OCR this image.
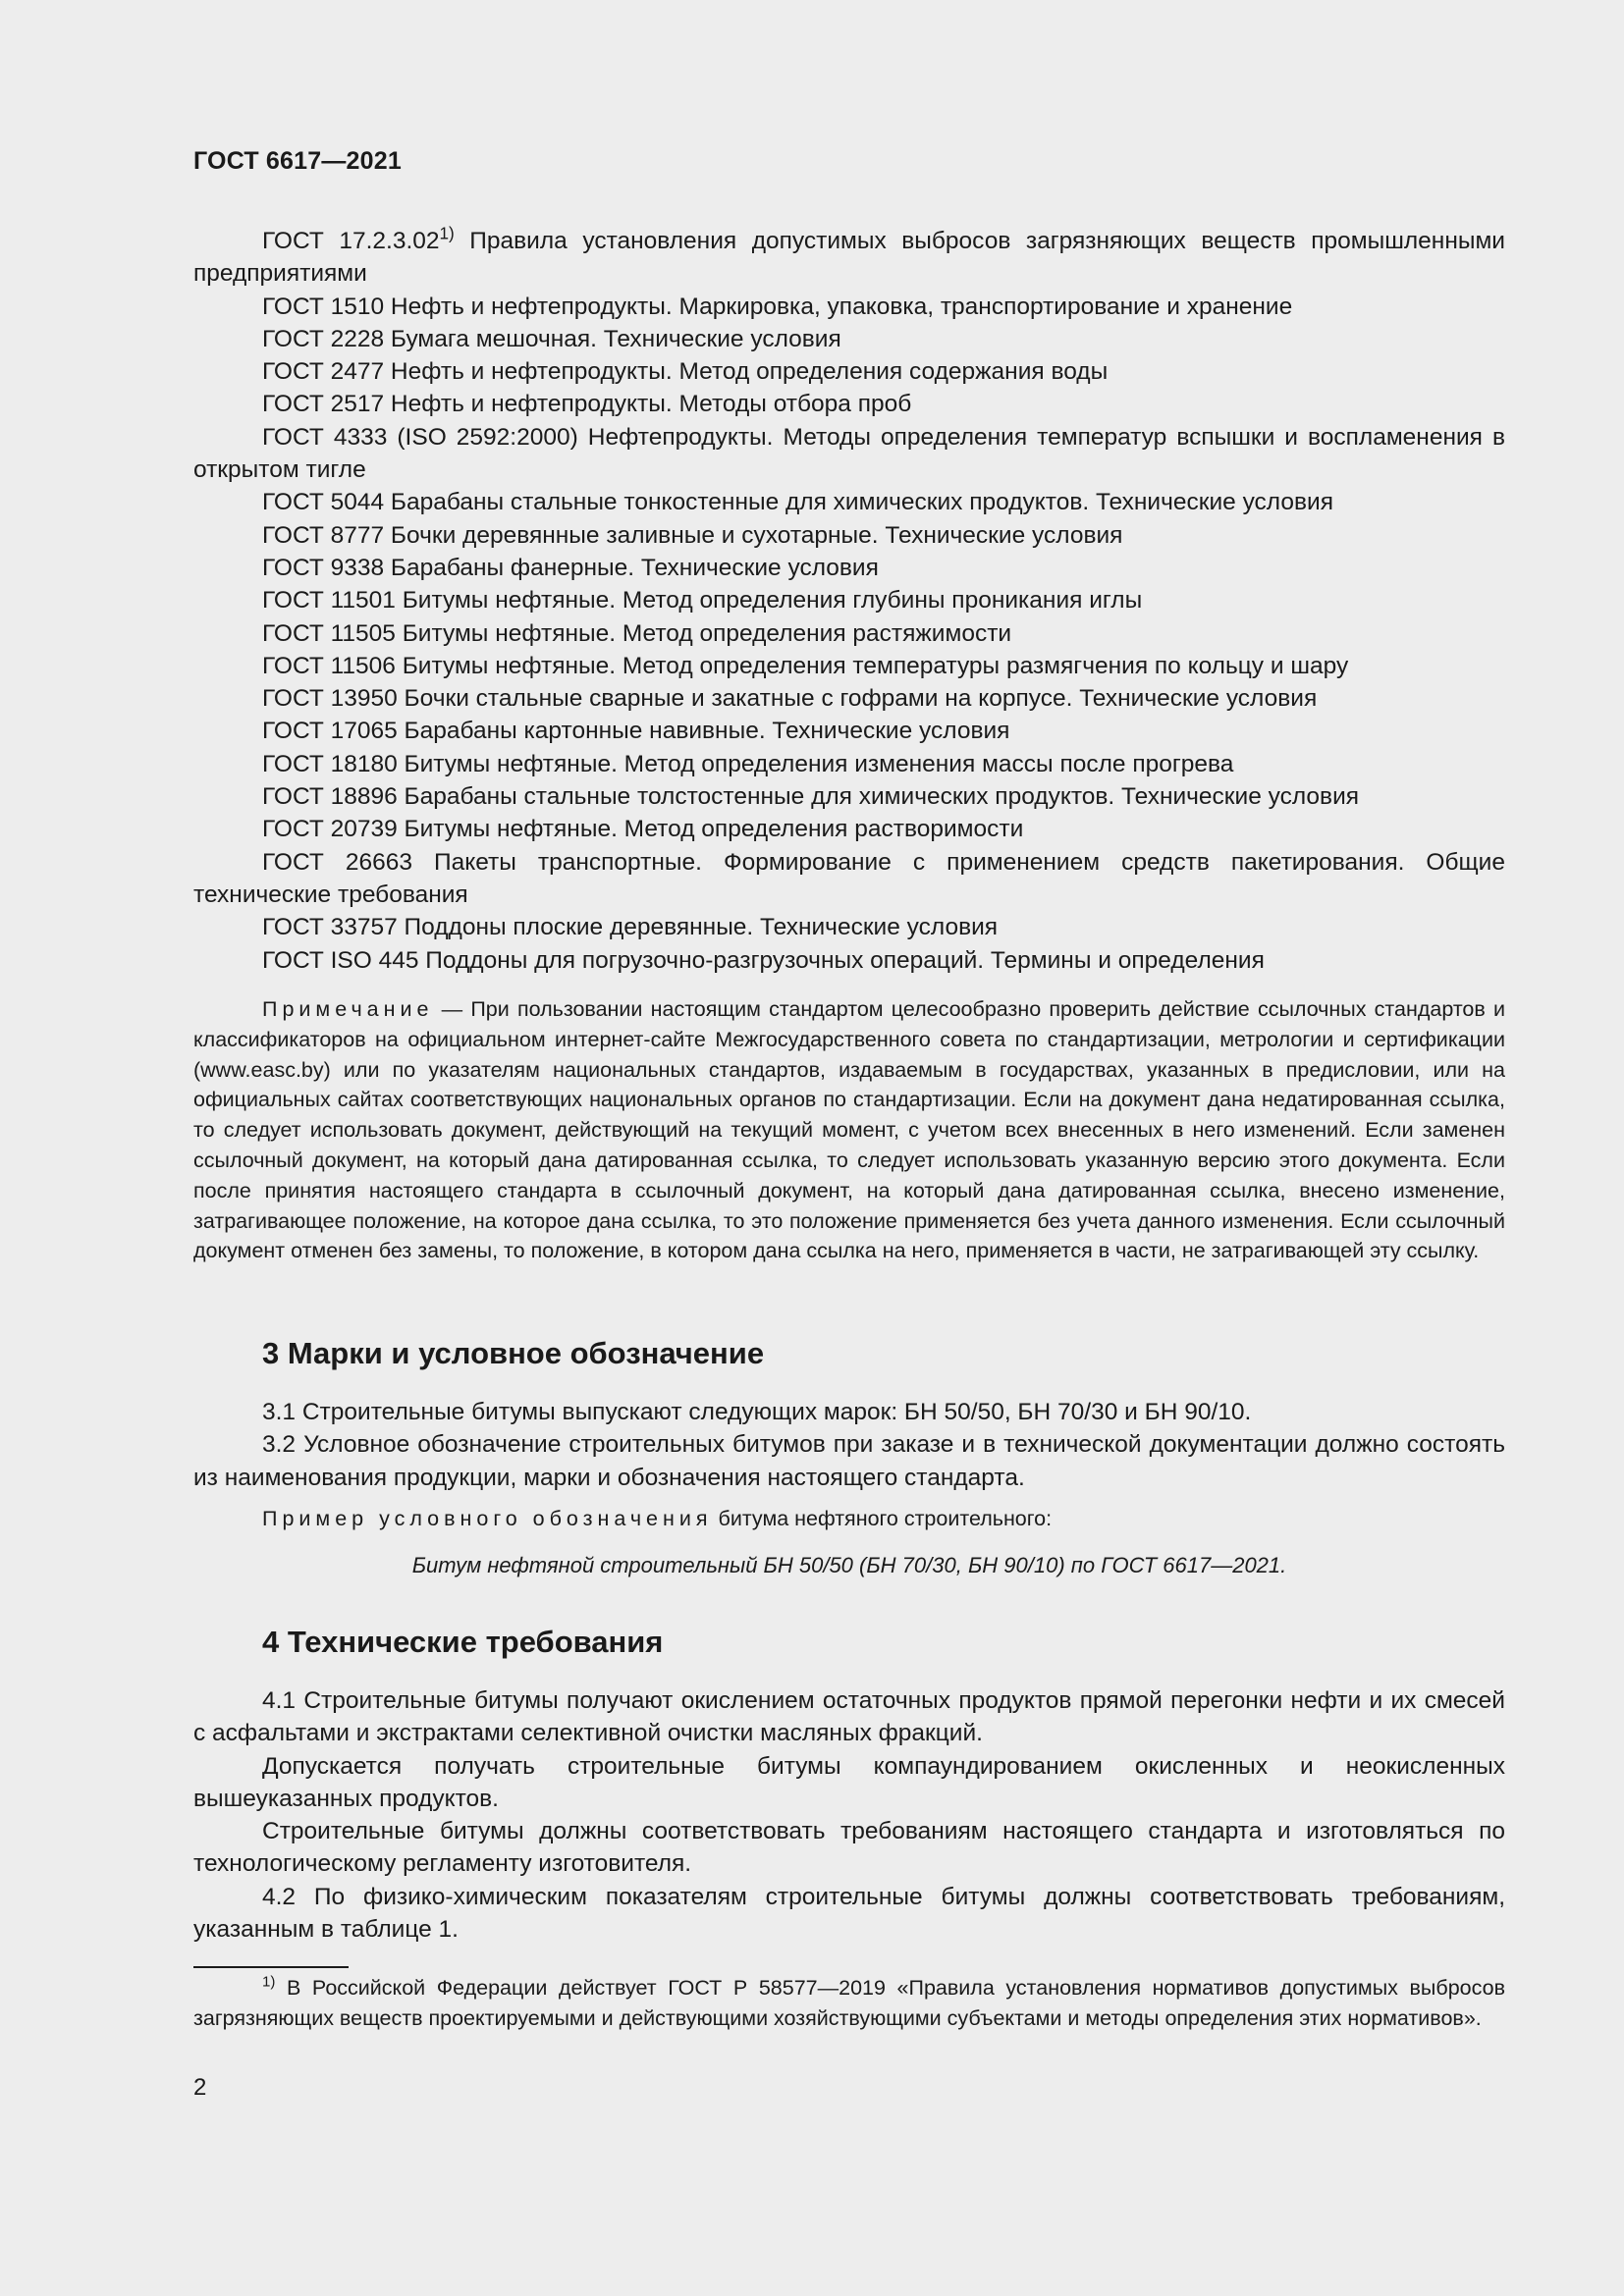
ГОСТ 6617—2021

ГОСТ 17.2.3.02$^{1)}$ Правила установления допустимых выбросов загрязняющих веществ промышленными предприятиями

ГОСТ 1510 Нефть и нефтепродукты. Маркировка, упаковка, транспортирование и хранение

ГОСТ 2228 Бумага мешочная. Технические условия

ГОСТ 2477 Нефть и нефтепродукты. Метод определения содержания воды

ГОСТ 2517 Нефть и нефтепродукты. Методы отбора проб

ГОСТ 4333 (ISO 2592:2000) Нефтепродукты. Методы определения температур вспышки и воспламенения в открытом тигле

ГОСТ 5044 Барабаны стальные тонкостенные для химических продуктов. Технические условия

ГОСТ 8777 Бочки деревянные заливные и сухотарные. Технические условия

ГОСТ 9338 Барабаны фанерные. Технические условия

ГОСТ 11501 Битумы нефтяные. Метод определения глубины проникания иглы

ГОСТ 11505 Битумы нефтяные. Метод определения растяжимости

ГОСТ 11506 Битумы нефтяные. Метод определения температуры размягчения по кольцу и шару

ГОСТ 13950 Бочки стальные сварные и закатные с гофрами на корпусе. Технические условия

ГОСТ 17065 Барабаны картонные навивные. Технические условия

ГОСТ 18180 Битумы нефтяные. Метод определения изменения массы после прогрева

ГОСТ 18896 Барабаны стальные толстостенные для химических продуктов. Технические условия

ГОСТ 20739 Битумы нефтяные. Метод определения растворимости

ГОСТ 26663 Пакеты транспортные. Формирование с применением средств пакетирования. Общие технические требования

ГОСТ 33757 Поддоны плоские деревянные. Технические условия

ГОСТ ISO 445 Поддоны для погрузочно-разгрузочных операций. Термины и определения

Примечание — При пользовании настоящим стандартом целесообразно проверить действие ссылочных стандартов и классификаторов на официальном интернет-сайте Межгосударственного совета по стандартизации, метрологии и сертификации (www.easc.by) или по указателям национальных стандартов, издаваемым в государствах, указанных в предисловии, или на официальных сайтах соответствующих национальных органов по стандартизации. Если на документ дана недатированная ссылка, то следует использовать документ, действующий на текущий момент, с учетом всех внесенных в него изменений. Если заменен ссылочный документ, на который дана датированная ссылка, то следует использовать указанную версию этого документа. Если после принятия настоящего стандарта в ссылочный документ, на который дана датированная ссылка, внесено изменение, затрагивающее положение, на которое дана ссылка, то это положение применяется без учета данного изменения. Если ссылочный документ отменен без замены, то положение, в котором дана ссылка на него, применяется в части, не затрагивающей эту ссылку.
3 Марки и условное обозначение

3.1 Строительные битумы выпускают следующих марок: БН 50/50, БН 70/30 и БН 90/10.

3.2 Условное обозначение строительных битумов при заказе и в технической документации должно состоять из наименования продукции, марки и обозначения настоящего стандарта.

Пример условного обозначения битума нефтяного строительного:
Битум нефтяной строительный БН 50/50 (БН 70/30, БН 90/10) по ГОСТ 6617—2021.
4 Технические требования

4.1 Строительные битумы получают окислением остаточных продуктов прямой перегонки нефти и их смесей с асфальтами и экстрактами селективной очистки масляных фракций.

Допускается получать строительные битумы компаундированием окисленных и неокисленных вышеуказанных продуктов.

Строительные битумы должны соответствовать требованиям настоящего стандарта и изготовляться по технологическому регламенту изготовителя.

4.2 По физико-химическим показателям строительные битумы должны соответствовать требованиям, указанным в таблице 1.

$^{1)}$ В Российской Федерации действует ГОСТ Р 58577—2019 «Правила установления нормативов допустимых выбросов загрязняющих веществ проектируемыми и действующими хозяйствующими субъектами и методы определения этих нормативов».
2
